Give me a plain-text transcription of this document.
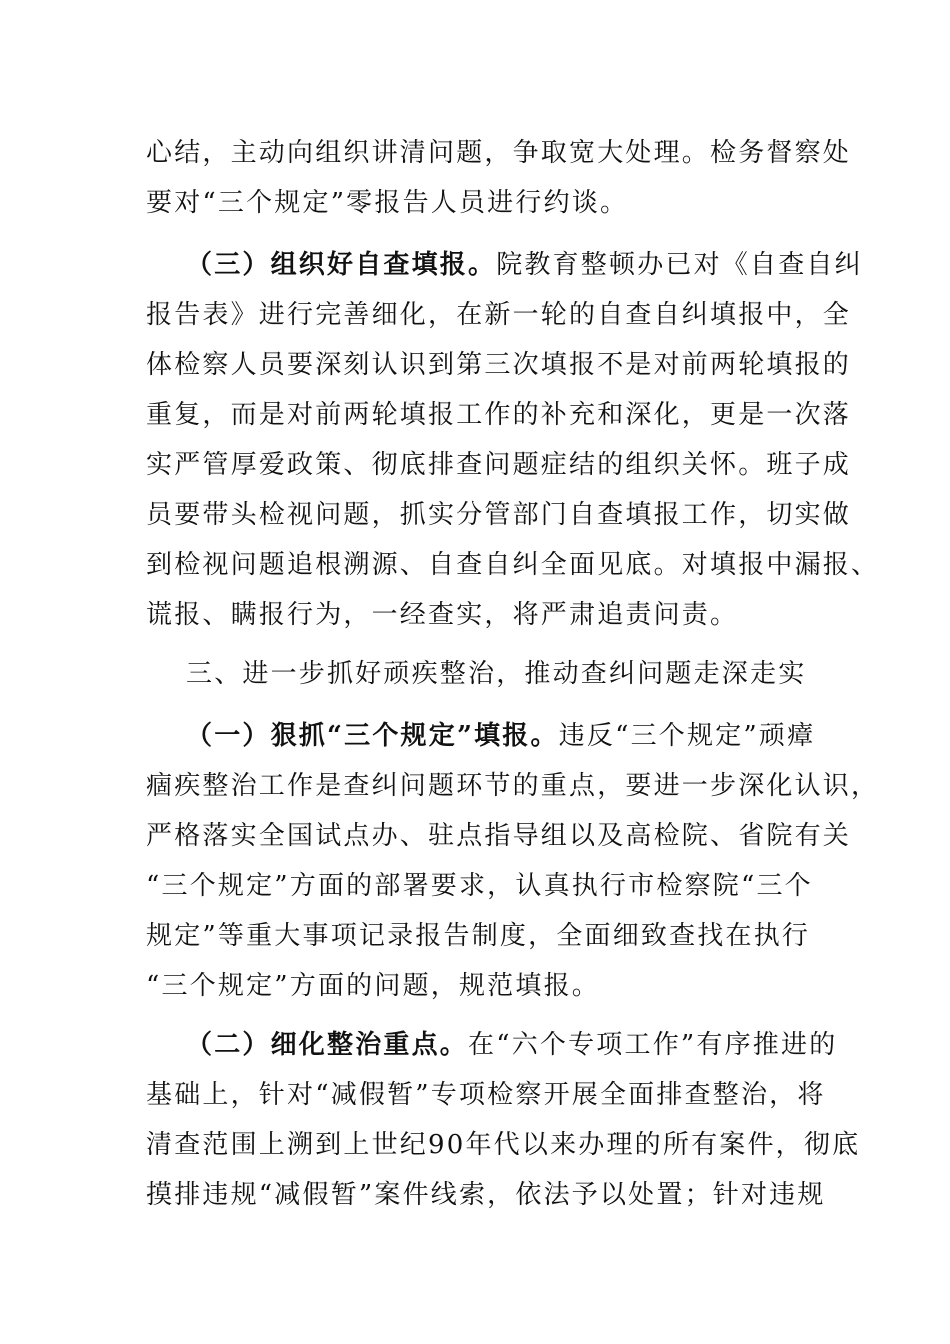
心结，主动向组织讲清问题，争取宽大处理。检务督察处
要对“三个规定”零报告人员进行约谈。
（三）组织好自查填报。院教育整顿办已对《自查自纠
报告表》进行完善细化，在新一轮的自查自纠填报中，全
体检察人员要深刻认识到第三次填报不是对前两轮填报的
重复，而是对前两轮填报工作的补充和深化，更是一次落
实严管厚爱政策、彻底排查问题症结的组织关怀。班子成
员要带头检视问题，抓实分管部门自查填报工作，切实做
到检视问题追根溯源、自查自纠全面见底。对填报中漏报、
谎报、瞒报行为，一经查实，将严肃追责问责。
三、进一步抓好顽疾整治，推动查纠问题走深走实
（一）狠抓“三个规定”填报。违反“三个规定”顽瘴
痼疾整治工作是查纠问题环节的重点，要进一步深化认识，
严格落实全国试点办、驻点指导组以及高检院、省院有关
“三个规定”方面的部署要求，认真执行市检察院“三个
规定”等重大事项记录报告制度，全面细致查找在执行
“三个规定”方面的问题，规范填报。
（二）细化整治重点。在“六个专项工作”有序推进的
基础上，针对“减假暂”专项检察开展全面排查整治，将
清查范围上溯到上世纪90年代以来办理的所有案件，彻底
摸排违规“减假暂”案件线索，依法予以处置；针对违规
